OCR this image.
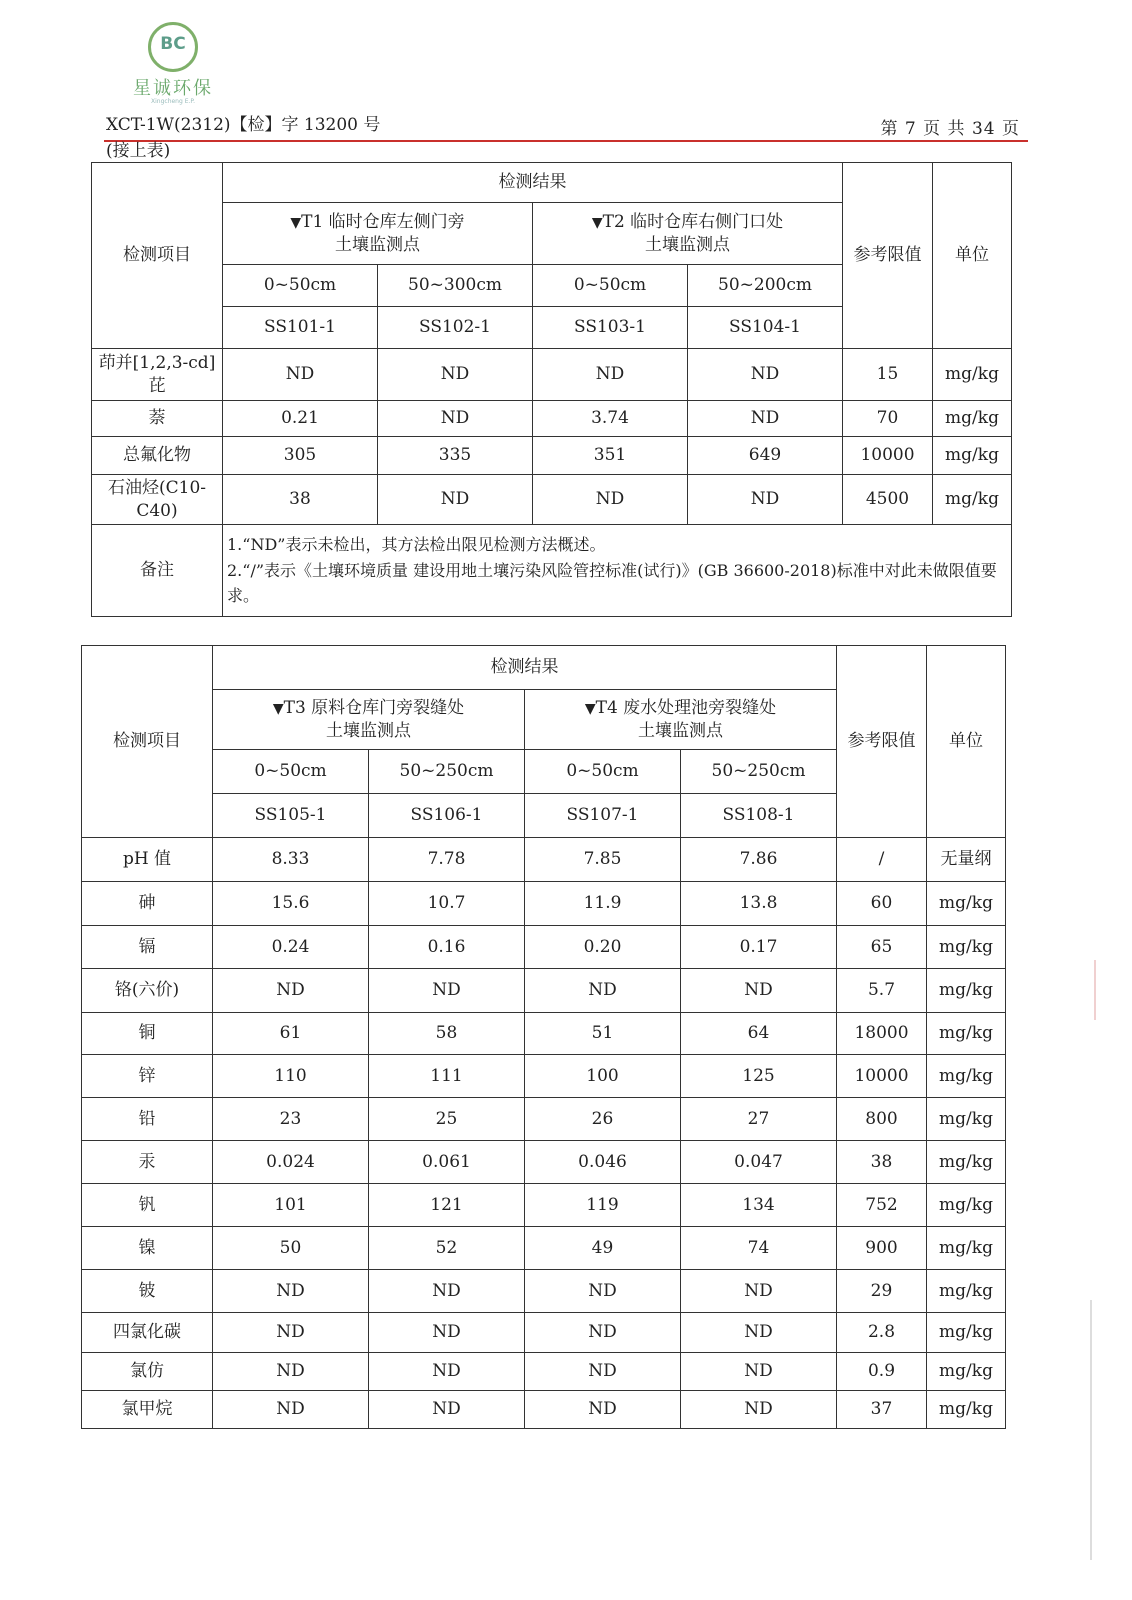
BC
星诚环保
Xingcheng E.P.
XCT-1W(2312)【检】字 13200 号	第 7 页 共 34 页
(接上表)
检测项目	检测结果				参考限值	单位
	▼T1 临时仓库左侧门旁
土壤监测点		▼T2 临时仓库右侧门口处
土壤监测点			
	0~50cm	50~300cm	0~50cm	50~200cm		
	SS101-1	SS102-1	SS103-1	SS104-1		
茚并[1,2,3-cd]芘	ND	ND	ND	ND	15	mg/kg
萘	0.21	ND	3.74	ND	70	mg/kg
总氟化物	305	335	351	649	10000	mg/kg
石油烃(C10-C40)	38	ND	ND	ND	4500	mg/kg
备注	1.“ND”表示未检出，其方法检出限见检测方法概述。
2.“/”表示《土壤环境质量 建设用地土壤污染风险管控标准(试行)》(GB 36600-2018)标准中对此未做限值要求。					
检测项目	检测结果				参考限值	单位
	▼T3 原料仓库门旁裂缝处
土壤监测点		▼T4 废水处理池旁裂缝处
土壤监测点			
	0~50cm	50~250cm	0~50cm	50~250cm		
	SS105-1	SS106-1	SS107-1	SS108-1		
pH 值	8.33	7.78	7.85	7.86	/	无量纲
砷	15.6	10.7	11.9	13.8	60	mg/kg
镉	0.24	0.16	0.20	0.17	65	mg/kg
铬(六价)	ND	ND	ND	ND	5.7	mg/kg
铜	61	58	51	64	18000	mg/kg
锌	110	111	100	125	10000	mg/kg
铅	23	25	26	27	800	mg/kg
汞	0.024	0.061	0.046	0.047	38	mg/kg
钒	101	121	119	134	752	mg/kg
镍	50	52	49	74	900	mg/kg
铍	ND	ND	ND	ND	29	mg/kg
四氯化碳	ND	ND	ND	ND	2.8	mg/kg
氯仿	ND	ND	ND	ND	0.9	mg/kg
氯甲烷	ND	ND	ND	ND	37	mg/kg
